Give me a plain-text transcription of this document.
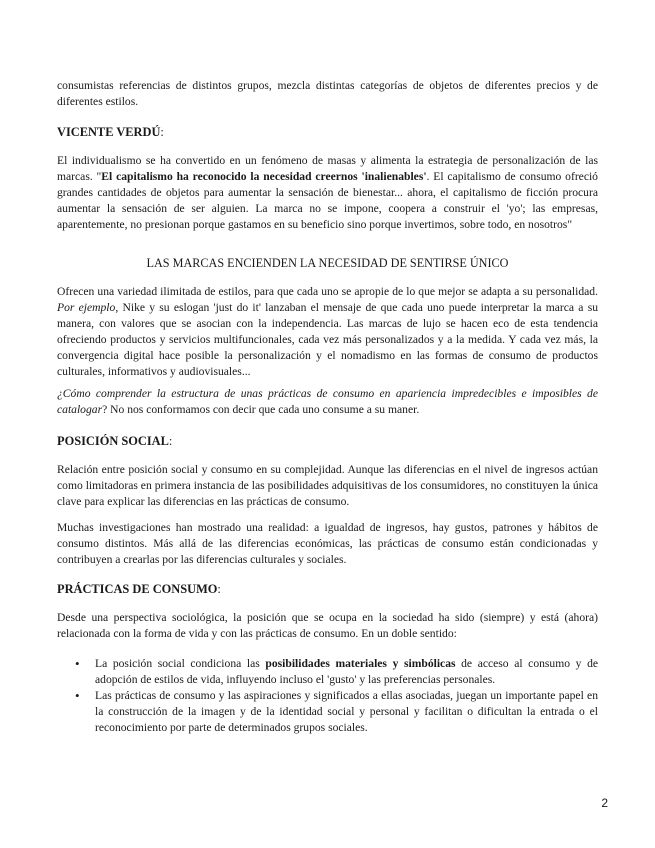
consumistas referencias de distintos grupos, mezcla distintas categorías de objetos de diferentes precios y de diferentes estilos.

VICENTE VERDÚ:

El individualismo se ha convertido en un fenómeno de masas y alimenta la estrategia de personalización de las marcas. "El capitalismo ha reconocido la necesidad creernos 'inalienables'. El capitalismo de consumo ofreció grandes cantidades de objetos para aumentar la sensación de bienestar... ahora, el capitalismo de ficción procura aumentar la sensación de ser alguien. La marca no se impone, coopera a construir el 'yo'; las empresas, aparentemente, no presionan porque gastamos en su beneficio sino porque invertimos, sobre todo, en nosotros"

LAS MARCAS ENCIENDEN LA NECESIDAD DE SENTIRSE ÚNICO

Ofrecen una variedad ilimitada de estilos, para que cada uno se apropie de lo que mejor se adapta a su personalidad. Por ejemplo, Nike y su eslogan 'just do it' lanzaban el mensaje de que cada uno puede interpretar la marca a su manera, con valores que se asocian con la independencia. Las marcas de lujo se hacen eco de esta tendencia ofreciendo productos y servicios multifuncionales, cada vez más personalizados y a la medida. Y cada vez más, la convergencia digital hace posible la personalización y el nomadismo en las formas de consumo de productos culturales, informativos y audiovisuales...

¿Cómo comprender la estructura de unas prácticas de consumo en apariencia impredecibles e imposibles de catalogar? No nos conformamos con decir que cada uno consume a su maner.

POSICIÓN SOCIAL:

Relación entre posición social y consumo en su complejidad. Aunque las diferencias en el nivel de ingresos actúan como limitadoras en primera instancia de las posibilidades adquisitivas de los consumidores, no constituyen la única clave para explicar las diferencias en las prácticas de consumo.

Muchas investigaciones han mostrado una realidad: a igualdad de ingresos, hay gustos, patrones y hábitos de consumo distintos. Más allá de las diferencias económicas, las prácticas de consumo están condicionadas y contribuyen a crearlas por las diferencias culturales y sociales.

PRÁCTICAS DE CONSUMO:

Desde una perspectiva sociológica, la posición que se ocupa en la sociedad ha sido (siempre) y está (ahora) relacionada con la forma de vida y con las prácticas de consumo. En un doble sentido:

• La posición social condiciona las posibilidades materiales y simbólicas de acceso al consumo y de adopción de estilos de vida, influyendo incluso el 'gusto' y las preferencias personales.
• Las prácticas de consumo y las aspiraciones y significados a ellas asociadas, juegan un importante papel en la construcción de la imagen y de la identidad social y personal y facilitan o dificultan la entrada o el reconocimiento por parte de determinados grupos sociales.
2
